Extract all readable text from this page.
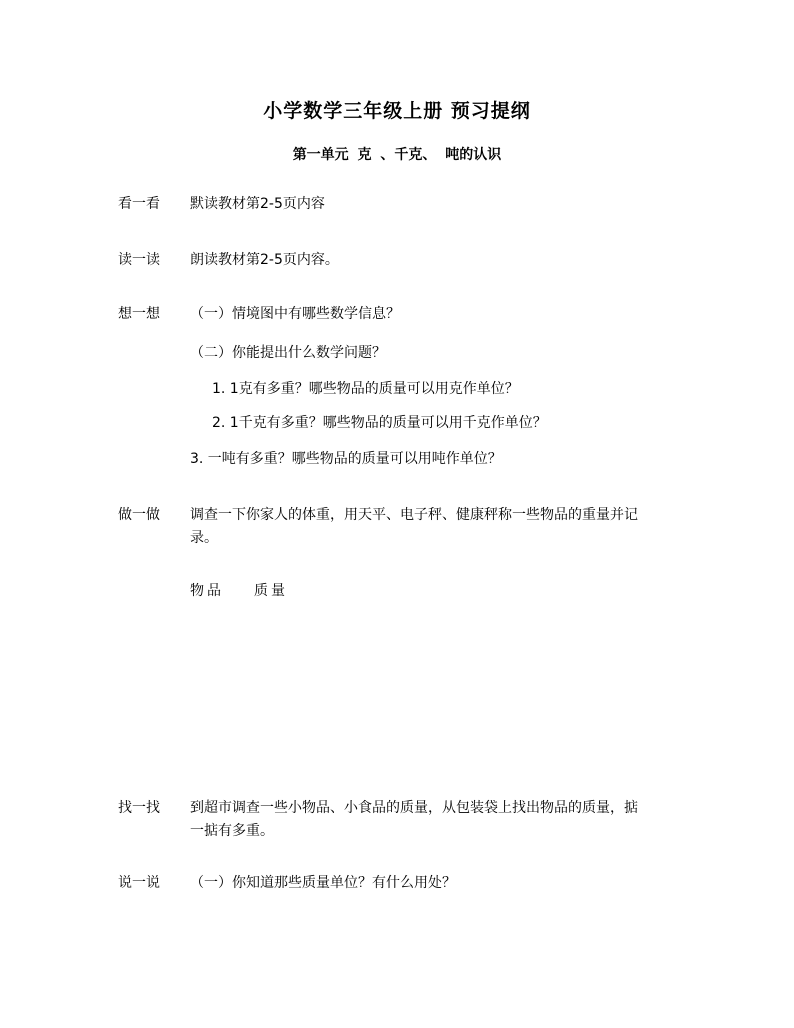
小学数学三年级上册 预习提纲
第一单元 克 、千克、 吨的认识
看一看 默读教材第2-5页内容
读一读 朗读教材第2-5页内容。
想一想 （一）情境图中有哪些数学信息？
（二）你能提出什么数学问题？
1. 1克有多重？哪些物品的质量可以用克作单位？
2. 1千克有多重？哪些物品的质量可以用千克作单位？
3. 一吨有多重？哪些物品的质量可以用吨作单位？
做一做 调查一下你家人的体重，用天平、电子秤、健康秤称一些物品的重量并记录。
物品 质量
找一找 到超市调查一些小物品、小食品的质量，从包装袋上找出物品的质量，掂一掂有多重。
说一说 （一）你知道那些质量单位？有什么用处？
